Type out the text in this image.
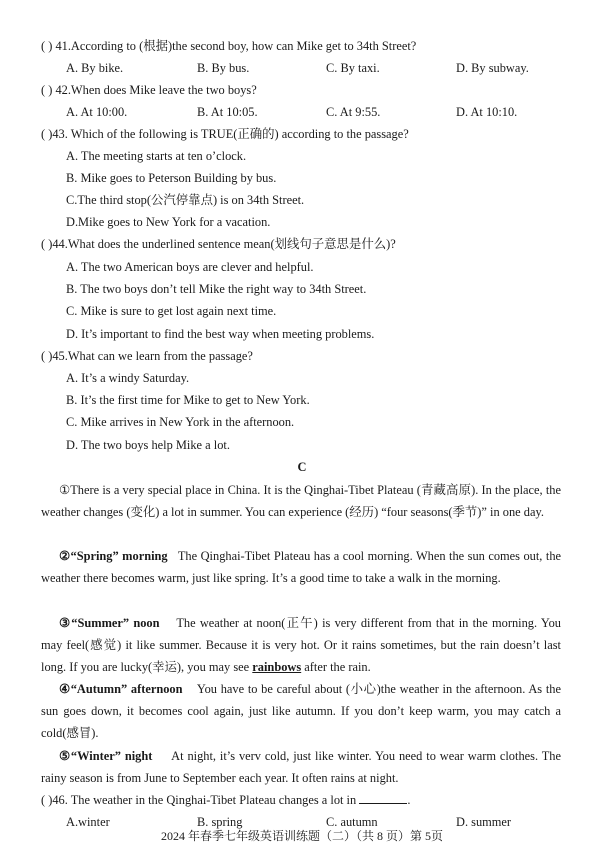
( ) 41.According to (根据)the second boy, how can Mike get to 34th Street?
A. By bike.	B. By bus.	C. By taxi.	D. By subway.
( ) 42.When does Mike leave the two boys?
A. At 10:00.	B. At 10:05.	C. At 9:55.	D. At 10:10.
( )43. Which of the following is TRUE(正确的) according to the passage?
A. The meeting starts at ten o’clock.
B. Mike goes to Peterson Building by bus.
C.The third stop(公汽停靠点) is on 34th Street.
D.Mike goes to New York for a vacation.
( )44.What does the underlined sentence mean(划线句子意思是什么)?
A. The two American boys are clever and helpful.
B. The two boys don’t tell Mike the right way to 34th Street.
C. Mike is sure to get lost again next time.
D. It’s important to find the best way when meeting problems.
( )45.What can we learn from the passage?
A. It’s a windy Saturday.
B. It’s the first time for Mike to get to New York.
C. Mike arrives in New York in the afternoon.
D. The two boys help Mike a lot.
C
①There is a very special place in China. It is the Qinghai-Tibet Plateau (青藏高原). In the place, the weather changes (变化) a lot in summer. You can experience (经历) “four seasons(季节)” in one day.
②“Spring” morning The Qinghai-Tibet Plateau has a cool morning. When the sun comes out, the weather there becomes warm, just like spring. It’s a good time to take a walk in the morning.
③“Summer” noon The weather at noon(正午) is very different from that in the morning. You may feel(感觉) it like summer. Because it is very hot. Or it rains sometimes, but the rain doesn’t last long. If you are lucky(幸运), you may see rainbows after the rain.
④“Autumn” afternoon You have to be careful about (小心)the weather in the afternoon. As the sun goes down, it becomes cool again, just like autumn. If you don’t keep warm, you may catch a cold(感冒).
⑤“Winter” night At night, it’s verv cold, just like winter. You need to wear warm clothes. The rainy season is from June to September each year. It often rains at night.
( )46. The weather in the Qinghai-Tibet Plateau changes a lot in	.
A.winter	B. spring	C. autumn	D. summer
2024 年春季七年级英语训练题（二）（共 8 页）第 5页
